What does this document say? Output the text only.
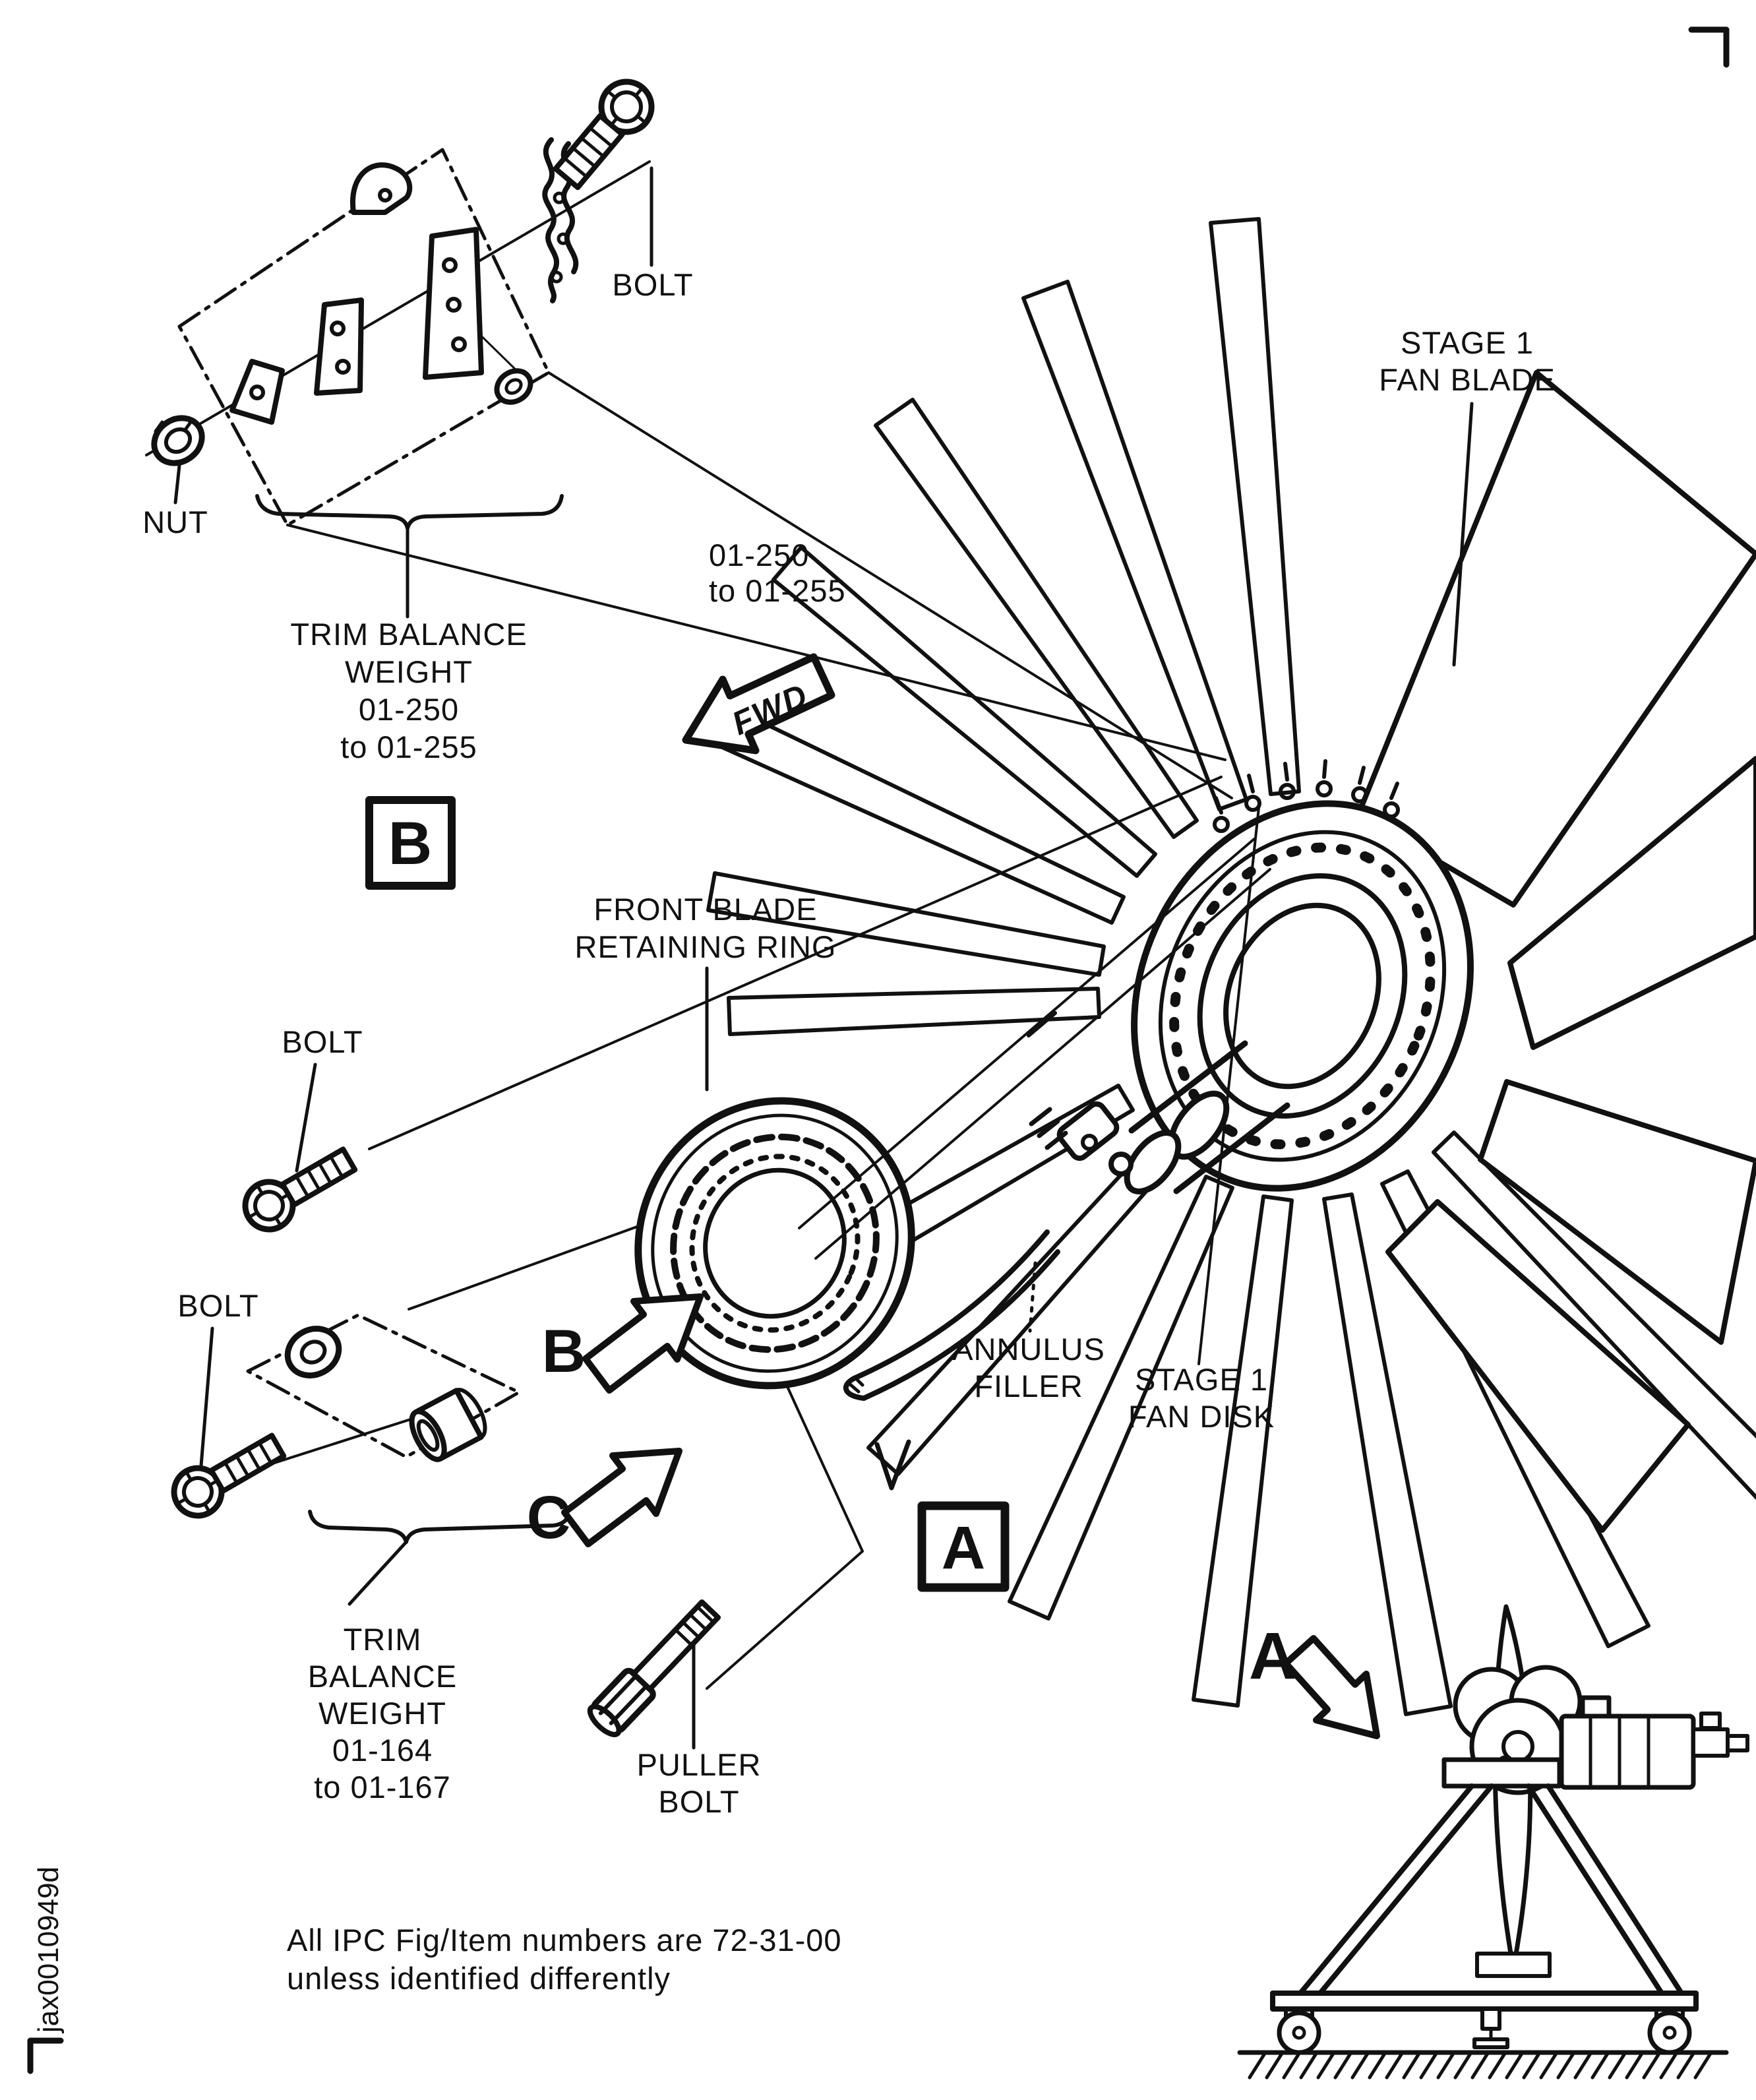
FWD
B
C
B
A
A
BOLT
NUT
TRIM BALANCE
WEIGHT
01-250
to 01-255
01-250
to 01-255
FRONT BLADE
RETAINING RING
STAGE 1
FAN BLADE
BOLT
BOLT
ANNULUS
FILLER STAGE 1
FAN DISK
TRIM
BALANCE
WEIGHT
01-164
to 01-167
PULLER
BOLT
All IPC Fig/Item numbers are 72-31-00
unless identified differently
jax0010949d
